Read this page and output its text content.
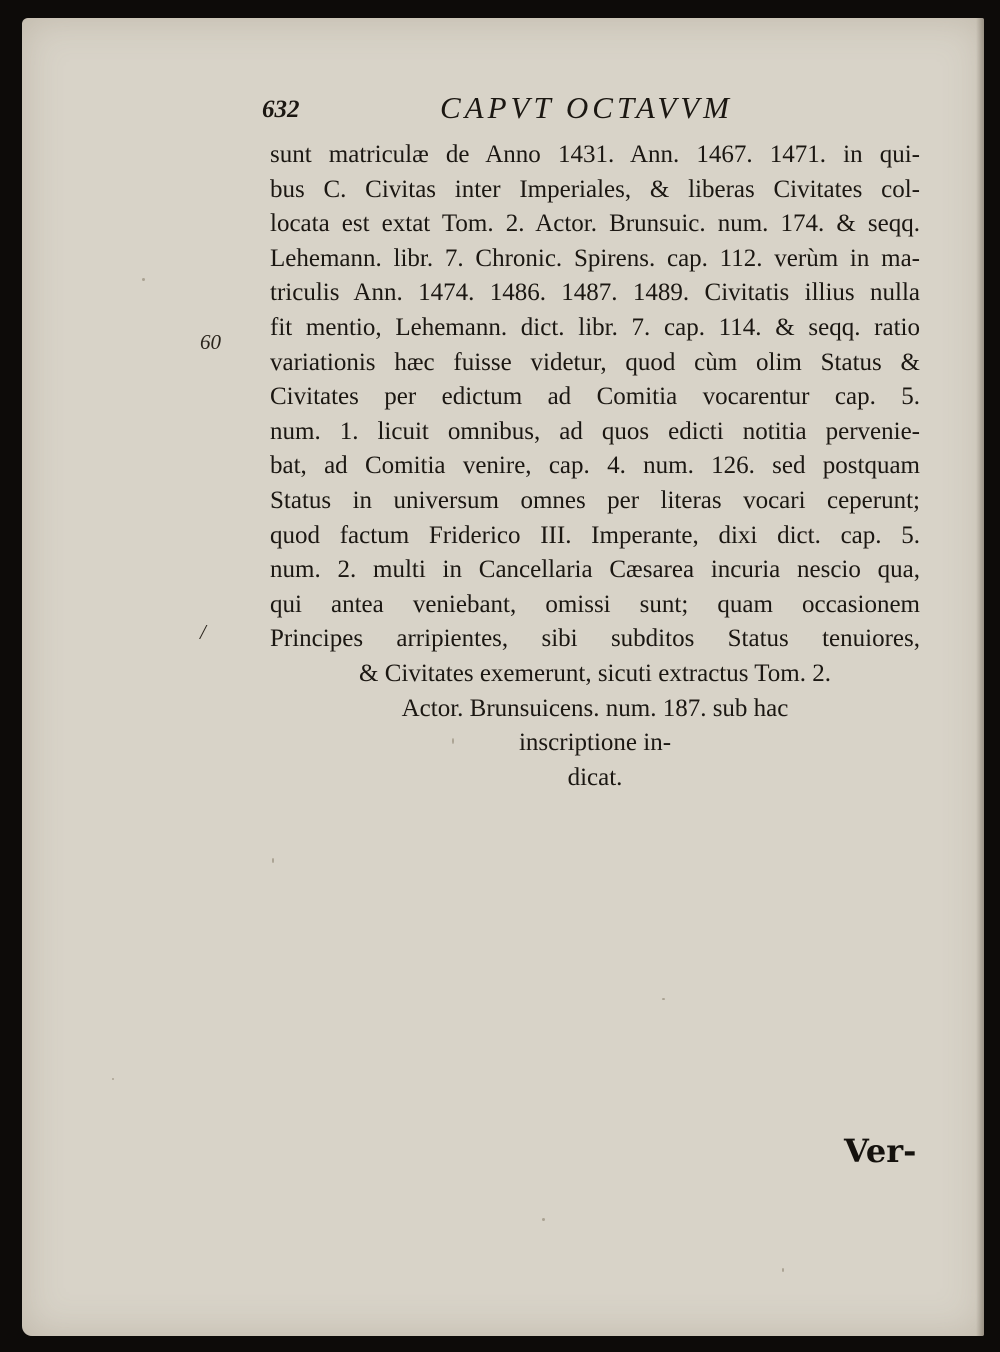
632	CAPVT OCTAVVM
60
/
sunt matriculæ de Anno 1431. Ann. 1467. 1471. in qui-
bus C. Civitas inter Imperiales, & liberas Civitates col-
locata est extat Tom. 2. Actor. Brunsuic. num. 174. & seqq.
Lehemann. libr. 7. Chronic. Spirens. cap. 112. verùm in ma-
triculis Ann. 1474. 1486. 1487. 1489. Civitatis illius nulla
fit mentio, Lehemann. dict. libr. 7. cap. 114. & seqq. ratio
variationis hæc fuisse videtur, quod cùm olim Status &
Civitates per edictum ad Comitia vocarentur cap. 5.
num. 1. licuit omnibus, ad quos edicti notitia pervenie-
bat, ad Comitia venire, cap. 4. num. 126. sed postquam
Status in universum omnes per literas vocari ceperunt;
quod factum Friderico III. Imperante, dixi dict. cap. 5.
num. 2. multi in Cancellaria Cæsarea incuria nescio qua,
qui antea veniebant, omissi sunt; quam occasionem
Principes arripientes, sibi subditos Status tenuiores,
& Civitates exemerunt, sicuti extractus Tom. 2.
Actor. Brunsuicens. num. 187. sub hac
inscriptione in-
dicat.
Ver-
